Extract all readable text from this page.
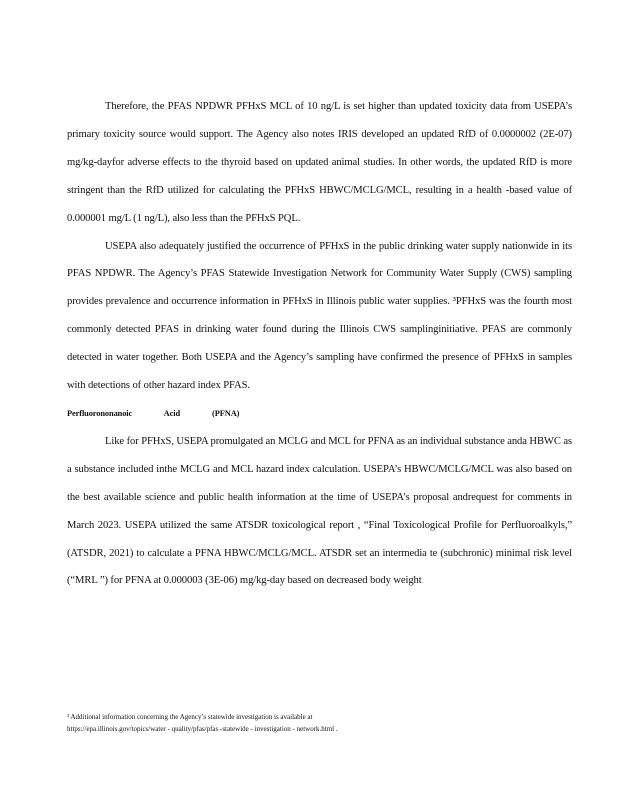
Therefore, the PFAS NPDWR PFHxS MCL of 10 ng/L is set higher than updated toxicity data from USEPA’s primary toxicity source would support. The Agency also notes IRIS developed an updated RfD of 0.0000002 (2E-07) mg/kg-dayfor adverse effects to the thyroid based on updated animal studies. In other words, the updated RfD is more stringent than the RfD utilized for calculating the PFHxS HBWC/MCLG/MCL, resulting in a health -based value of 0.000001 mg/L (1 ng/L), also less than the PFHxS PQL.

USEPA also adequately justified the occurrence of PFHxS in the public drinking water supply nationwide in its PFAS NPDWR. The Agency’s PFAS Statewide Investigation Network for Community Water Supply (CWS) sampling provides prevalence and occurrence information in PFHxS in Illinois public water supplies. ³PFHxS was the fourth most commonly detected PFAS in drinking water found during the Illinois CWS samplinginitiative. PFAS are commonly detected in water together. Both USEPA and the Agency’s sampling have confirmed the presence of PFHxS in samples with detections of other hazard index PFAS.

Perfluorononanoic Acid (PFNA)

Like for PFHxS, USEPA promulgated an MCLG and MCL for PFNA as an individual substance anda HBWC as a substance included inthe MCLG and MCL hazard index calculation. USEPA’s HBWC/MCLG/MCL was also based on the best available science and public health information at the time of USEPA’s proposal andrequest for comments in March 2023. USEPA utilized the same ATSDR toxicological report , “Final Toxicological Profile for Perfluoroalkyls,” (ATSDR, 2021) to calculate a PFNA HBWC/MCLG/MCL. ATSDR set an intermedia te (subchronic) minimal risk level (“MRL ”) for PFNA at 0.000003 (3E-06) mg/kg-day based on decreased body weight

³ Additional information concerning the Agency’s statewide investigation is available at

https://epa.illinois.gov/topics/water - quality/pfas/pfas -statewide - investigation - network.html .
